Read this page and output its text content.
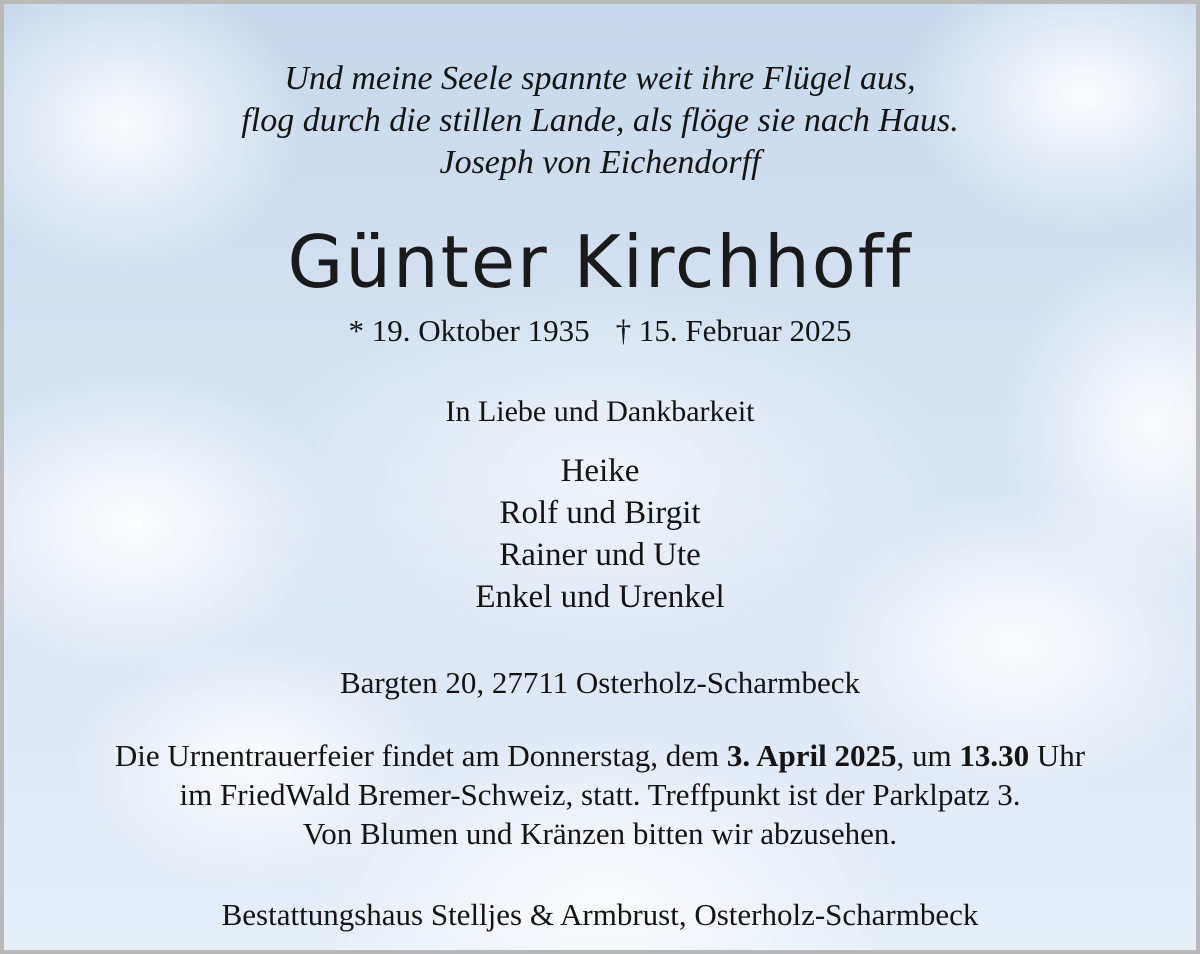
Und meine Seele spannte weit ihre Flügel aus,
flog durch die stillen Lande, als flöge sie nach Haus.
Joseph von Eichendorff
Günter Kirchhoff
* 19. Oktober 1935 † 15. Februar 2025
In Liebe und Dankbarkeit
Heike
Rolf und Birgit
Rainer und Ute
Enkel und Urenkel
Bargten 20, 27711 Osterholz-Scharmbeck
Die Urnentrauerfeier findet am Donnerstag, dem 3. April 2025, um 13.30 Uhr
im FriedWald Bremer-Schweiz, statt. Treffpunkt ist der Parklpatz 3.
Von Blumen und Kränzen bitten wir abzusehen.
Bestattungshaus Stelljes & Armbrust, Osterholz-Scharmbeck
